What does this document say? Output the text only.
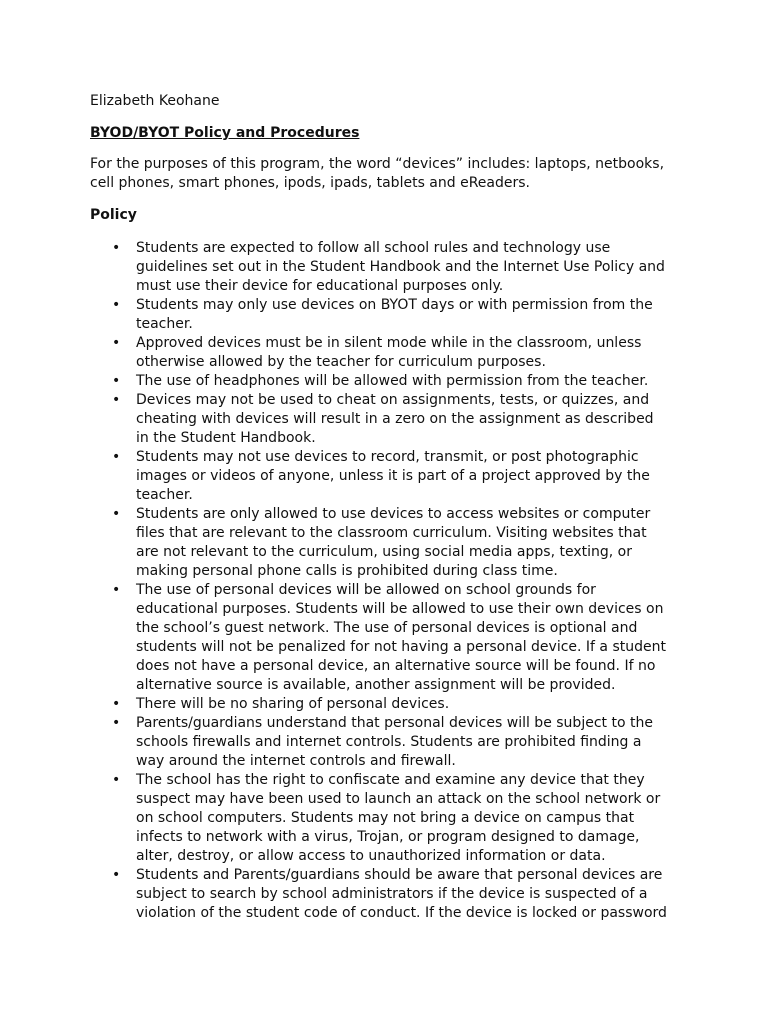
Elizabeth Keohane

BYOD/BYOT Policy and Procedures

For the purposes of this program, the word “devices” includes: laptops, netbooks, cell phones, smart phones, ipods, ipads, tablets and eReaders.

Policy

• Students are expected to follow all school rules and technology use guidelines set out in the Student Handbook and the Internet Use Policy and must use their device for educational purposes only.
• Students may only use devices on BYOT days or with permission from the teacher.
• Approved devices must be in silent mode while in the classroom, unless otherwise allowed by the teacher for curriculum purposes.
• The use of headphones will be allowed with permission from the teacher.
• Devices may not be used to cheat on assignments, tests, or quizzes, and cheating with devices will result in a zero on the assignment as described in the Student Handbook.
• Students may not use devices to record, transmit, or post photographic images or videos of anyone, unless it is part of a project approved by the teacher.
• Students are only allowed to use devices to access websites or computer files that are relevant to the classroom curriculum. Visiting websites that are not relevant to the curriculum, using social media apps, texting, or making personal phone calls is prohibited during class time.
• The use of personal devices will be allowed on school grounds for educational purposes. Students will be allowed to use their own devices on the school’s guest network. The use of personal devices is optional and students will not be penalized for not having a personal device. If a student does not have a personal device, an alternative source will be found. If no alternative source is available, another assignment will be provided.
• There will be no sharing of personal devices.
• Parents/guardians understand that personal devices will be subject to the schools firewalls and internet controls. Students are prohibited finding a way around the internet controls and firewall.
• The school has the right to confiscate and examine any device that they suspect may have been used to launch an attack on the school network or on school computers. Students may not bring a device on campus that infects to network with a virus, Trojan, or program designed to damage, alter, destroy, or allow access to unauthorized information or data.
• Students and Parents/guardians should be aware that personal devices are subject to search by school administrators if the device is suspected of a violation of the student code of conduct. If the device is locked or password
